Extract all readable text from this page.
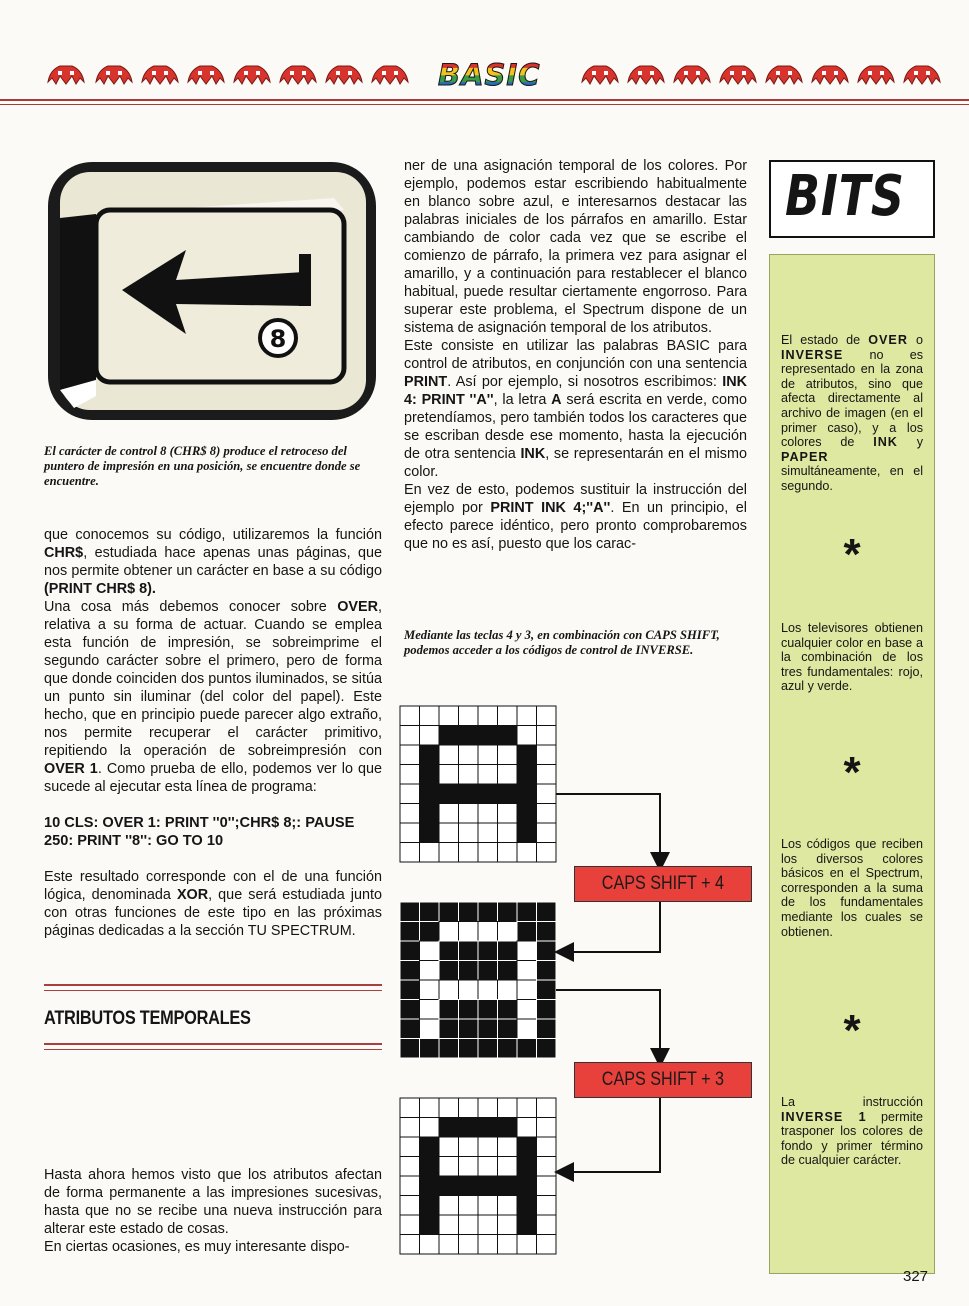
BASIC
8
El carácter de control 8 (CHR$ 8) produce el retroceso del puntero de impresión en una posición, se encuentre donde se encuentre.

que conocemos su código, utilizaremos la función CHR$, estudiada hace apenas unas páginas, que nos permite obtener un carácter en base a su código (PRINT CHR$ 8).

Una cosa más debemos conocer sobre OVER, relativa a su forma de actuar. Cuando se emplea esta función de impresión, se sobreimprime el segundo carácter sobre el primero, pero de forma que donde coinciden dos puntos iluminados, se sitúa un punto sin iluminar (del color del papel). Este hecho, que en principio puede parecer algo extraño, nos permite recuperar el carácter primitivo, repitiendo la operación de sobreimpresión con OVER 1. Como prueba de ello, podemos ver lo que sucede al ejecutar esta línea de programa:

10 CLS: OVER 1: PRINT ''0'';CHR$ 8;: PAUSE 250: PRINT ''8'': GO TO 10

Este resultado corresponde con el de una función lógica, denominada XOR, que será estudiada junto con otras funciones de este tipo en las próximas páginas dedicadas a la sección TU SPECTRUM.

ATRIBUTOS TEMPORALES

Hasta ahora hemos visto que los atributos afectan de forma permanente a las impresiones sucesivas, hasta que no se recibe una nueva instrucción para alterar este estado de cosas.

En ciertas ocasiones, es muy interesante dispo-

ner de una asignación temporal de los colores. Por ejemplo, podemos estar escribiendo habitualmente en blanco sobre azul, e interesarnos destacar las palabras iniciales de los párrafos en amarillo. Estar cambiando de color cada vez que se escribe el comienzo de párrafo, la primera vez para asignar el amarillo, y a continuación para restablecer el blanco habitual, puede resultar ciertamente engorroso. Para superar este problema, el Spectrum dispone de un sistema de asignación temporal de los atributos.

Este consiste en utilizar las palabras BASIC para control de atributos, en conjunción con una sentencia PRINT. Así por ejemplo, si nosotros escribimos: INK 4: PRINT ''A'', la letra A será escrita en verde, como pretendíamos, pero también todos los caracteres que se escriban desde ese momento, hasta la ejecución de otra sentencia INK, se representarán en el mismo color.

En vez de esto, podemos sustituir la instrucción del ejemplo por PRINT INK 4;''A''. En un principio, el efecto parece idéntico, pero pronto comprobaremos que no es así, puesto que los carac-

Mediante las teclas 4 y 3, en combinación con CAPS SHIFT, podemos acceder a los códigos de control de INVERSE.
CAPS SHIFT + 4
CAPS SHIFT + 3
BITS
El estado de OVER o INVERSE no es representado en la zona de atributos, sino que afecta directamente al archivo de imagen (en el primer caso), y a los colores de INK y PAPER simultáneamente, en el segundo.
*
Los televisores obtienen cualquier color en base a la combinación de los tres fundamentales: rojo, azul y verde.
*
Los códigos que reciben los diversos colores básicos en el Spectrum, corresponden a la suma de los fundamentales mediante los cuales se obtienen.
*
La instrucción INVERSE 1 permite trasponer los colores de fondo y primer término de cualquier carácter.
327
